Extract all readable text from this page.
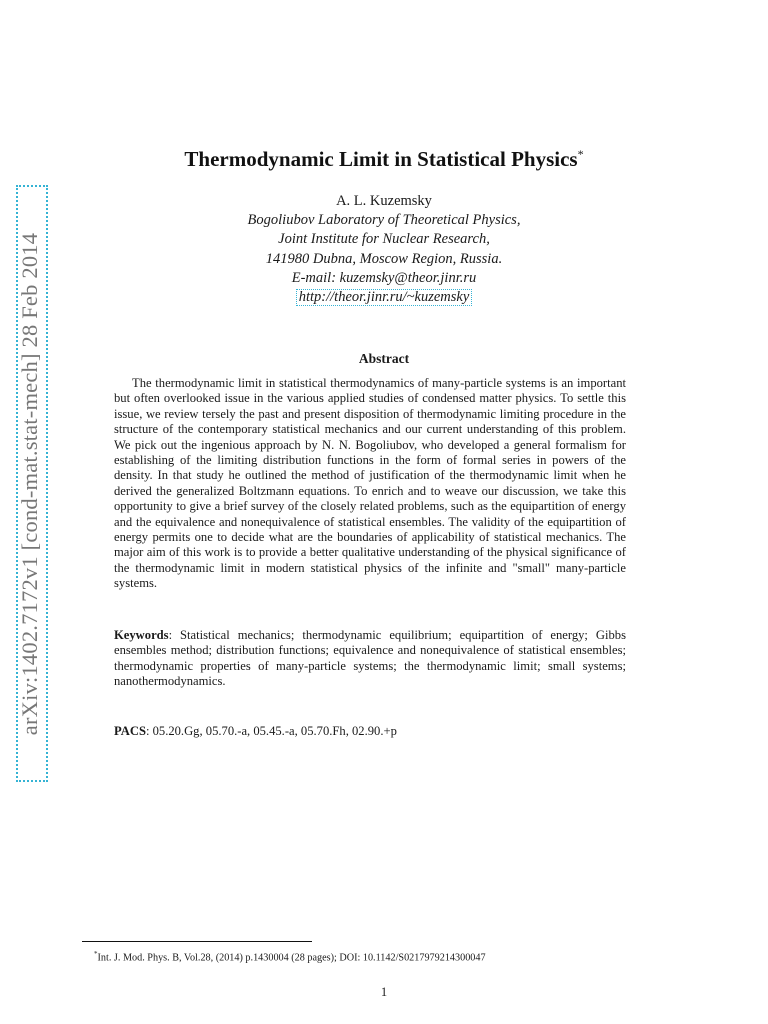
arXiv:1402.7172v1 [cond-mat.stat-mech] 28 Feb 2014
Thermodynamic Limit in Statistical Physics*
A. L. Kuzemsky
Bogoliubov Laboratory of Theoretical Physics,
Joint Institute for Nuclear Research,
141980 Dubna, Moscow Region, Russia.
E-mail: kuzemsky@theor.jinr.ru
http://theor.jinr.ru/~kuzemsky
Abstract

The thermodynamic limit in statistical thermodynamics of many-particle systems is an important but often overlooked issue in the various applied studies of condensed matter physics. To settle this issue, we review tersely the past and present disposition of thermodynamic limiting procedure in the structure of the contemporary statistical mechanics and our current understanding of this problem. We pick out the ingenious approach by N. N. Bogoliubov, who developed a general formalism for establishing of the limiting distribution functions in the form of formal series in powers of the density. In that study he outlined the method of justification of the thermodynamic limit when he derived the generalized Boltzmann equations. To enrich and to weave our discussion, we take this opportunity to give a brief survey of the closely related problems, such as the equipartition of energy and the equivalence and nonequivalence of statistical ensembles. The validity of the equipartition of energy permits one to decide what are the boundaries of applicability of statistical mechanics. The major aim of this work is to provide a better qualitative understanding of the physical significance of the thermodynamic limit in modern statistical physics of the infinite and "small" many-particle systems.

Keywords: Statistical mechanics; thermodynamic equilibrium; equipartition of energy; Gibbs ensembles method; distribution functions; equivalence and nonequivalence of statistical ensembles; thermodynamic properties of many-particle systems; the thermodynamic limit; small systems; nanothermodynamics.

PACS: 05.20.Gg, 05.70.-a, 05.45.-a, 05.70.Fh, 02.90.+p

*Int. J. Mod. Phys. B, Vol.28, (2014) p.1430004 (28 pages); DOI: 10.1142/S0217979214300047
1
